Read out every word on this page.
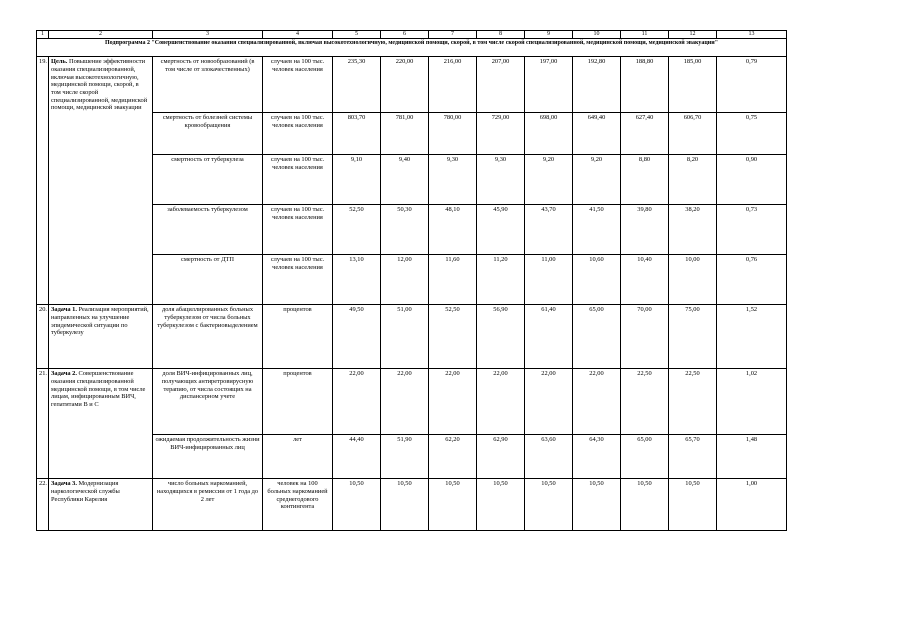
1	2	3	4	5	6	7	8	9	10	11	12	13
Подпрограмма 2 "Совершенствование оказания специализированной, включая высокотехнологичную, медицинской помощи, скорой, в том числе скорой специализированной, медицинской помощи, медицинской эвакуации"												
19.	Цель. Повышение эффективности оказания специализированной, включая высокотехнологичную, медицинской помощи, скорой, в том числе скорой специализированной, медицинской помощи, медицинской эвакуации	смертность от новообразований (в том числе от злокачественных)	случаев на 100 тыс. человек населения	235,30	220,00	216,00	207,00	197,00	192,80	188,80	185,00	0,79
		смертность от болезней системы кровообращения	случаев на 100 тыс. человек населения	803,70	781,00	780,00	729,00	698,00	649,40	627,40	606,70	0,75
		смертность от туберкулеза	случаев на 100 тыс. человек населения	9,10	9,40	9,30	9,30	9,20	9,20	8,80	8,20	0,90
		заболеваемость туберкулезом	случаев на 100 тыс. человек населения	52,50	50,30	48,10	45,90	43,70	41,50	39,80	38,20	0,73
		смертность от ДТП	случаев на 100 тыс. человек населения	13,10	12,00	11,60	11,20	11,00	10,60	10,40	10,00	0,76
20.	Задача 1. Реализация мероприятий, направленных на улучшение эпидемической ситуации по туберкулезу	доля абациллированных больных туберкулезом от числа больных туберкулезом с бактериовыделением	процентов	49,50	51,00	52,50	56,90	61,40	65,00	70,00	75,00	1,52
21.	Задача 2. Совершенствование оказания специализированной медицинской помощи, в том числе лицам, инфицированным ВИЧ, гепатитами В и С	доля ВИЧ-инфицированных лиц, получающих антиретровирусную терапию, от числа состоящих на диспансерном учете	процентов	22,00	22,00	22,00	22,00	22,00	22,00	22,50	22,50	1,02
		ожидаемая продолжительность жизни ВИЧ-инфицированных лиц	лет	44,40	51,90	62,20	62,90	63,60	64,30	65,00	65,70	1,48
22.	Задача 3. Модернизация наркологической службы Республики Карелия	число больных наркоманией, находящихся в ремиссии от 1 года до 2 лет	человек на 100 больных наркоманией среднегодового контингента	10,50	10,50	10,50	10,50	10,50	10,50	10,50	10,50	1,00
